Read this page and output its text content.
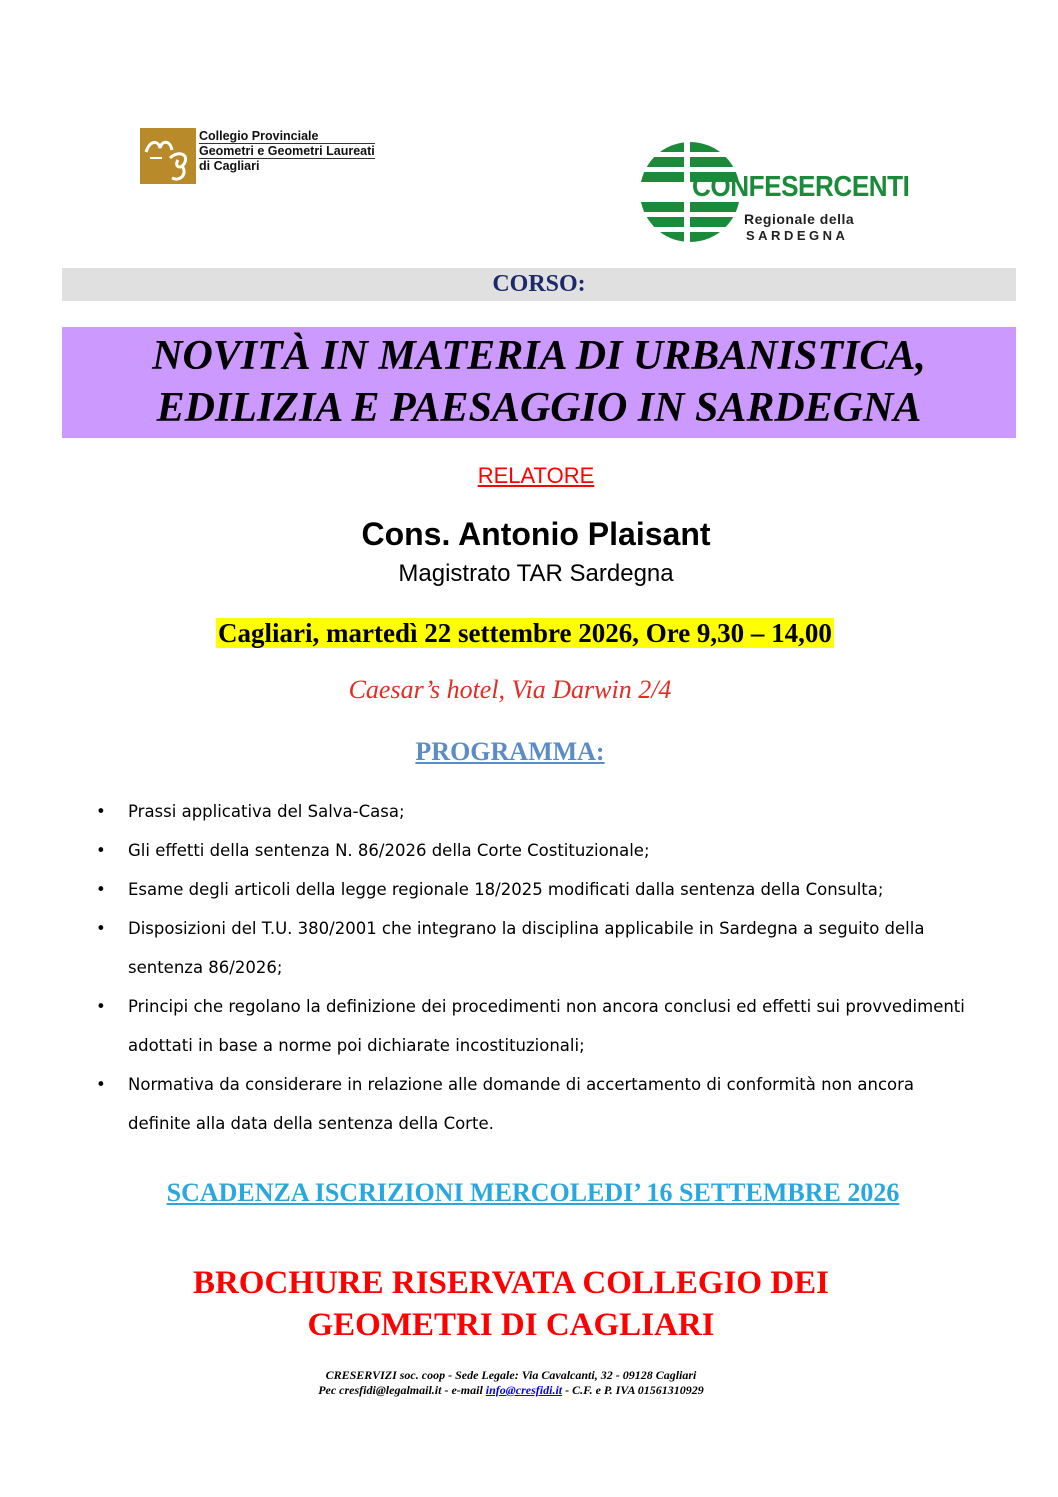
Collegio Provinciale
Geometri e Geometri Laureati
di Cagliari
CONFESERCENTI
Regionale della
SARDEGNA
CORSO:
NOVITÀ IN MATERIA DI URBANISTICA,
EDILIZIA E PAESAGGIO IN SARDEGNA
RELATORE
Cons. Antonio Plaisant
Magistrato TAR Sardegna
Cagliari, martedì 22 settembre 2026, Ore 9,30 – 14,00
Caesar’s hotel, Via Darwin 2/4
PROGRAMMA:
• Prassi applicativa del Salva-Casa;
• Gli effetti della sentenza N. 86/2026 della Corte Costituzionale;
• Esame degli articoli della legge regionale 18/2025 modificati dalla sentenza della Consulta;
• Disposizioni del T.U. 380/2001 che integrano la disciplina applicabile in Sardegna a seguito della sentenza 86/2026;
• Principi che regolano la definizione dei procedimenti non ancora conclusi ed effetti sui provvedimenti adottati in base a norme poi dichiarate incostituzionali;
• Normativa da considerare in relazione alle domande di accertamento di conformità non ancora definite alla data della sentenza della Corte.
SCADENZA ISCRIZIONI MERCOLEDI’ 16 SETTEMBRE 2026
BROCHURE RISERVATA COLLEGIO DEI
GEOMETRI DI CAGLIARI
CRESERVIZI soc. coop - Sede Legale: Via Cavalcanti, 32 - 09128 Cagliari
Pec cresfidi@legalmail.it - e-mail info@cresfidi.it - C.F. e P. IVA 01561310929
